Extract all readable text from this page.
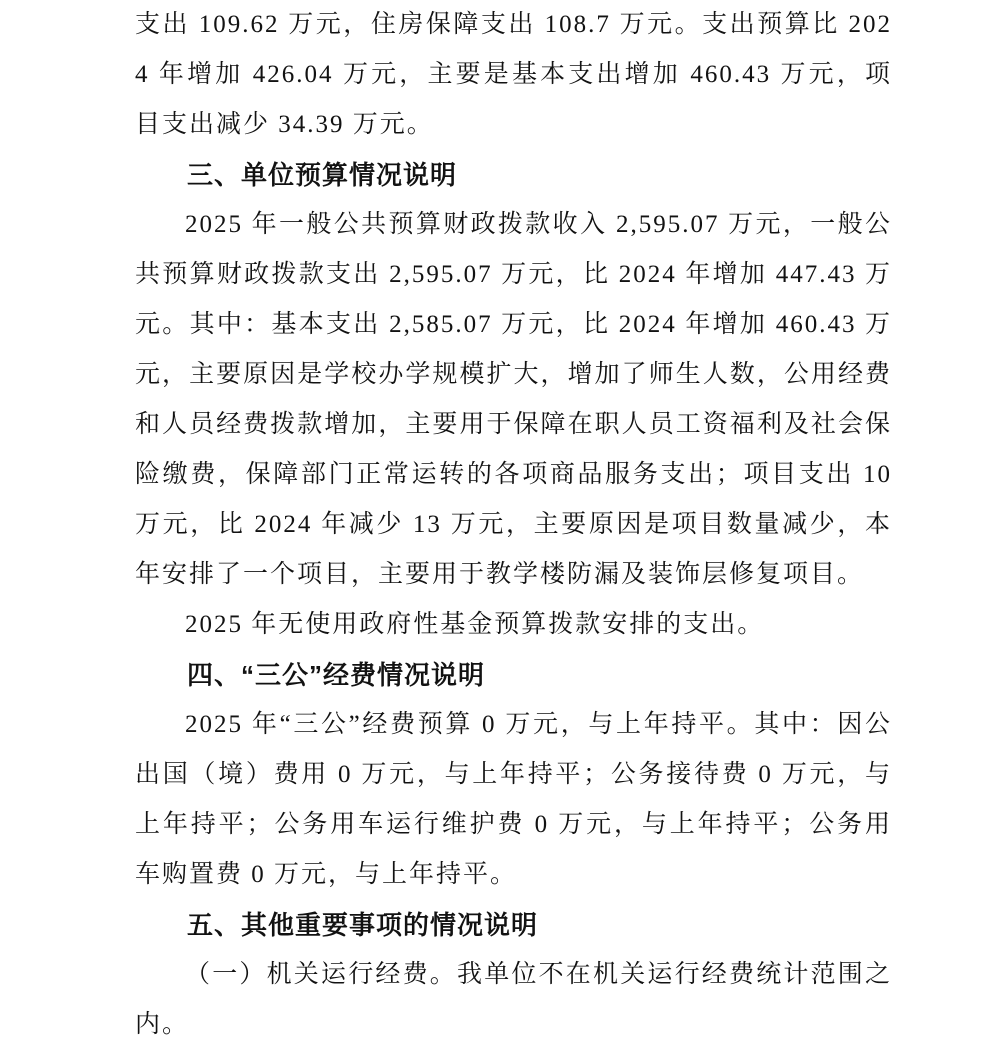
支出 109.62 万元，住房保障支出 108.7 万元。支出预算比 2024 年增加 426.04 万元，主要是基本支出增加 460.43 万元，项目支出减少 34.39 万元。

三、单位预算情况说明

2025 年一般公共预算财政拨款收入 2,595.07 万元，一般公共预算财政拨款支出 2,595.07 万元，比 2024 年增加 447.43 万元。其中：基本支出 2,585.07 万元，比 2024 年增加 460.43 万元，主要原因是学校办学规模扩大，增加了师生人数，公用经费和人员经费拨款增加，主要用于保障在职人员工资福利及社会保险缴费，保障部门正常运转的各项商品服务支出；项目支出 10 万元，比 2024 年减少 13 万元，主要原因是项目数量减少，本年安排了一个项目，主要用于教学楼防漏及装饰层修复项目。

2025 年无使用政府性基金预算拨款安排的支出。

四、“三公”经费情况说明

2025 年“三公”经费预算 0 万元，与上年持平。其中：因公出国（境）费用 0 万元，与上年持平；公务接待费 0 万元，与上年持平；公务用车运行维护费 0 万元，与上年持平；公务用车购置费 0 万元，与上年持平。

五、其他重要事项的情况说明

（一）机关运行经费。我单位不在机关运行经费统计范围之内。
